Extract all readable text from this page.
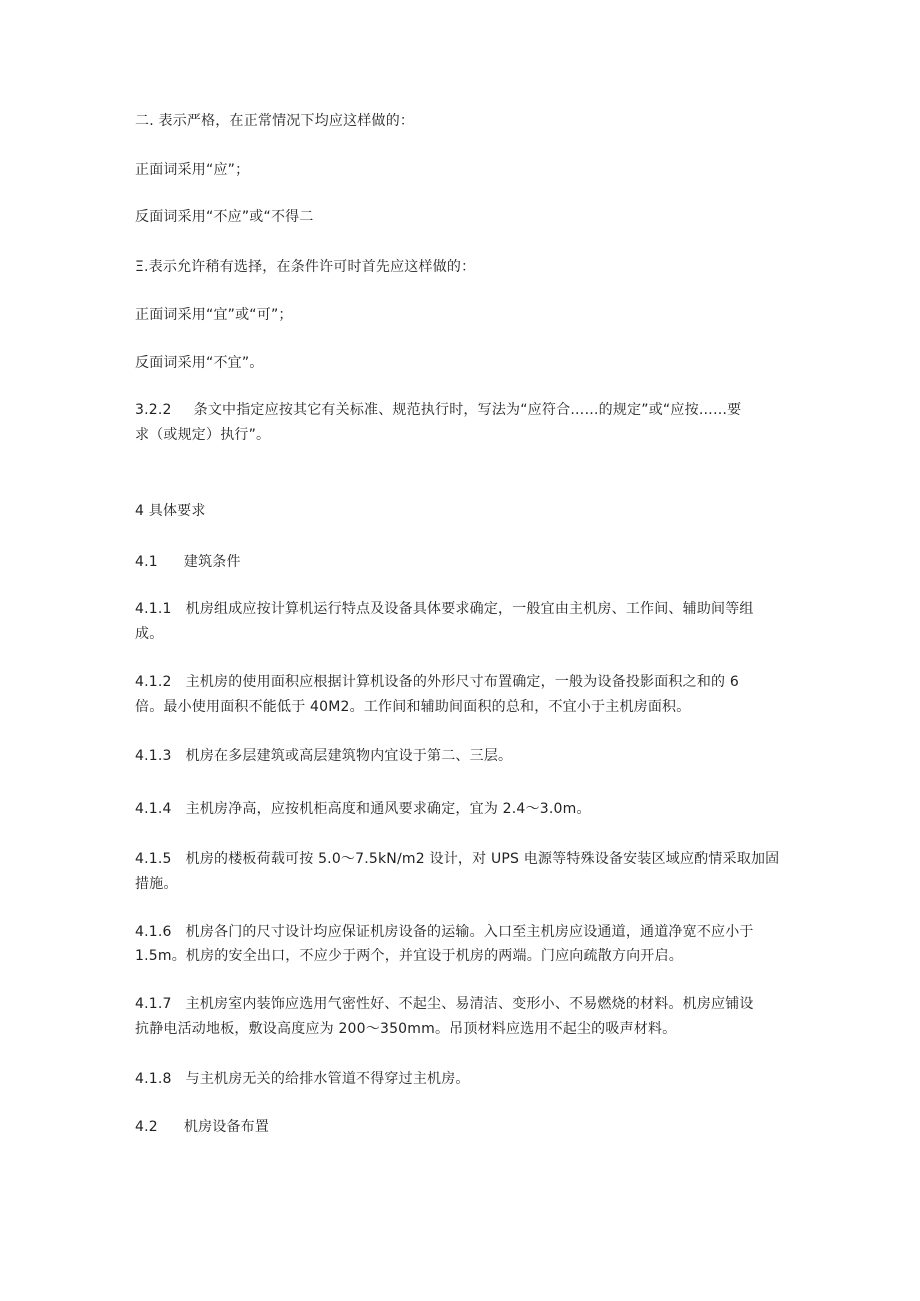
二. 表示严格，在正常情况下均应这样做的：
正面词采用“应”；
反面词采用“不应”或“不得二
Ξ.表示允许稍有选择，在条件许可时首先应这样做的：
正面词采用“宜”或“可”；
反面词采用“不宜”。
3.2.2 条文中指定应按其它有关标准、规范执行时，写法为“应符合……的规定”或“应按……要
求（或规定）执行”。
4 具体要求
4.1 建筑条件
4.1.1 机房组成应按计算机运行特点及设备具体要求确定，一般宜由主机房、工作间、辅助间等组
成。
4.1.2 主机房的使用面积应根据计算机设备的外形尺寸布置确定，一般为设备投影面积之和的 6
倍。最小使用面积不能低于 40M2。工作间和辅助间面积的总和，不宜小于主机房面积。
4.1.3 机房在多层建筑或高层建筑物内宜设于第二、三层。
4.1.4 主机房净高，应按机柜高度和通风要求确定，宜为 2.4～3.0m。
4.1.5 机房的楼板荷载可按 5.0～7.5kN∕m2 设计，对 UPS 电源等特殊设备安装区域应酌情采取加固
措施。
4.1.6 机房各门的尺寸设计均应保证机房设备的运输。入口至主机房应设通道，通道净宽不应小于
1.5m。机房的安全出口，不应少于两个，并宜设于机房的两端。门应向疏散方向开启。
4.1.7 主机房室内装饰应选用气密性好、不起尘、易清洁、变形小、不易燃烧的材料。机房应铺设
抗静电活动地板，敷设高度应为 200～350mm。吊顶材料应选用不起尘的吸声材料。
4.1.8 与主机房无关的给排水管道不得穿过主机房。
4.2 机房设备布置
